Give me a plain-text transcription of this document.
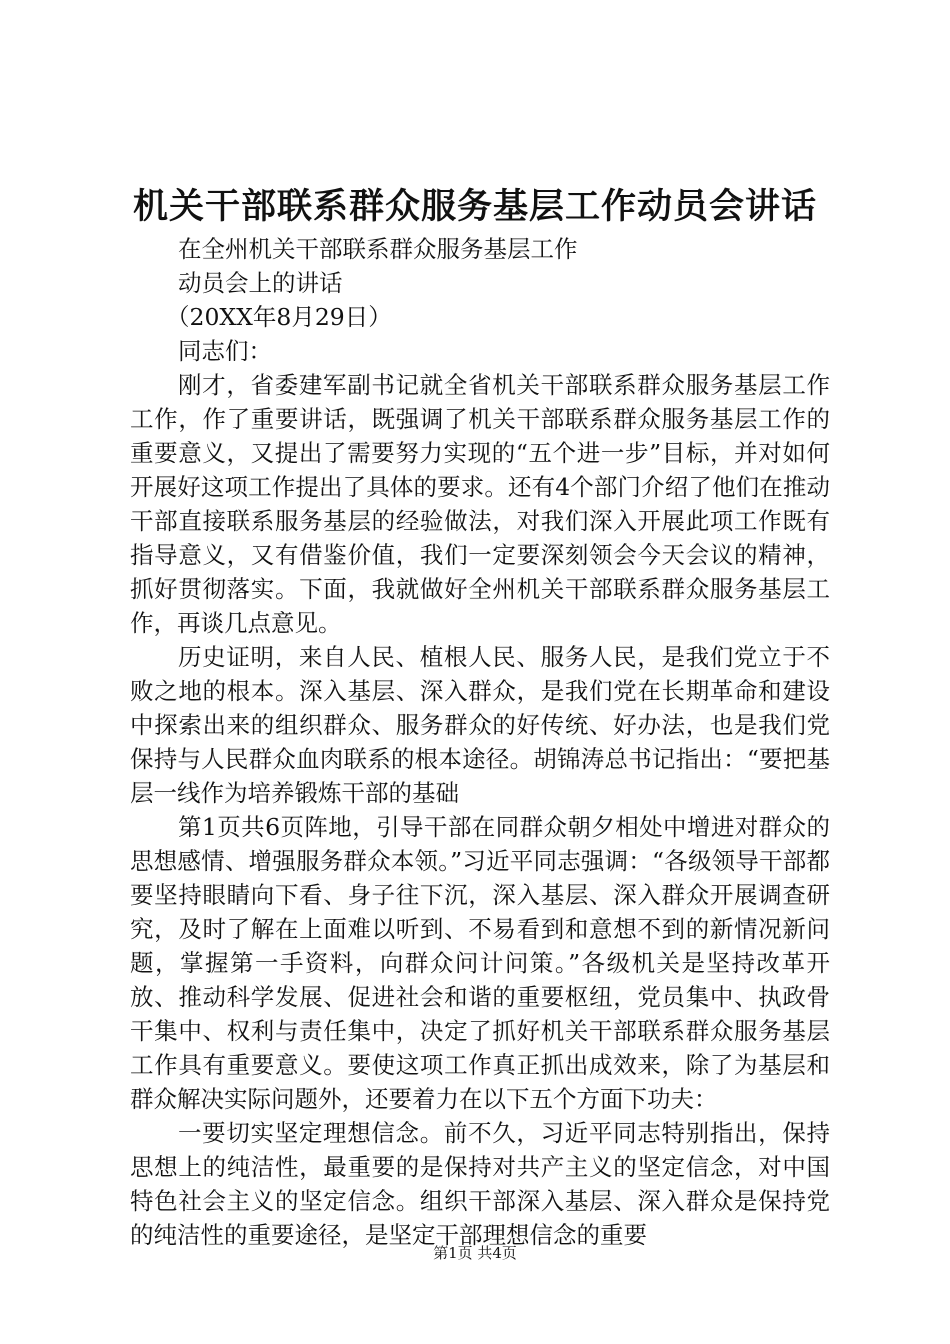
机关干部联系群众服务基层工作动员会讲话

在全州机关干部联系群众服务基层工作

动员会上的讲话

（20XX年8月29日）

同志们：

刚才，省委建军副书记就全省机关干部联系群众服务基层工作工作，作了重要讲话，既强调了机关干部联系群众服务基层工作的重要意义，又提出了需要努力实现的“五个进一步”目标，并对如何开展好这项工作提出了具体的要求。还有4个部门介绍了他们在推动干部直接联系服务基层的经验做法，对我们深入开展此项工作既有指导意义，又有借鉴价值，我们一定要深刻领会今天会议的精神，抓好贯彻落实。下面，我就做好全州机关干部联系群众服务基层工作，再谈几点意见。

历史证明，来自人民、植根人民、服务人民，是我们党立于不败之地的根本。深入基层、深入群众，是我们党在长期革命和建设中探索出来的组织群众、服务群众的好传统、好办法，也是我们党保持与人民群众血肉联系的根本途径。胡锦涛总书记指出：“要把基层一线作为培养锻炼干部的基础

第1页共6页阵地，引导干部在同群众朝夕相处中增进对群众的思想感情、增强服务群众本领。”习近平同志强调：“各级领导干部都要坚持眼睛向下看、身子往下沉，深入基层、深入群众开展调查研究，及时了解在上面难以听到、不易看到和意想不到的新情况新问题，掌握第一手资料，向群众问计问策。”各级机关是坚持改革开放、推动科学发展、促进社会和谐的重要枢纽，党员集中、执政骨干集中、权利与责任集中，决定了抓好机关干部联系群众服务基层工作具有重要意义。要使这项工作真正抓出成效来，除了为基层和群众解决实际问题外，还要着力在以下五个方面下功夫：

一要切实坚定理想信念。前不久，习近平同志特别指出，保持思想上的纯洁性，最重要的是保持对共产主义的坚定信念，对中国特色社会主义的坚定信念。组织干部深入基层、深入群众是保持党的纯洁性的重要途径，是坚定干部理想信念的重要

第1页 共4页
